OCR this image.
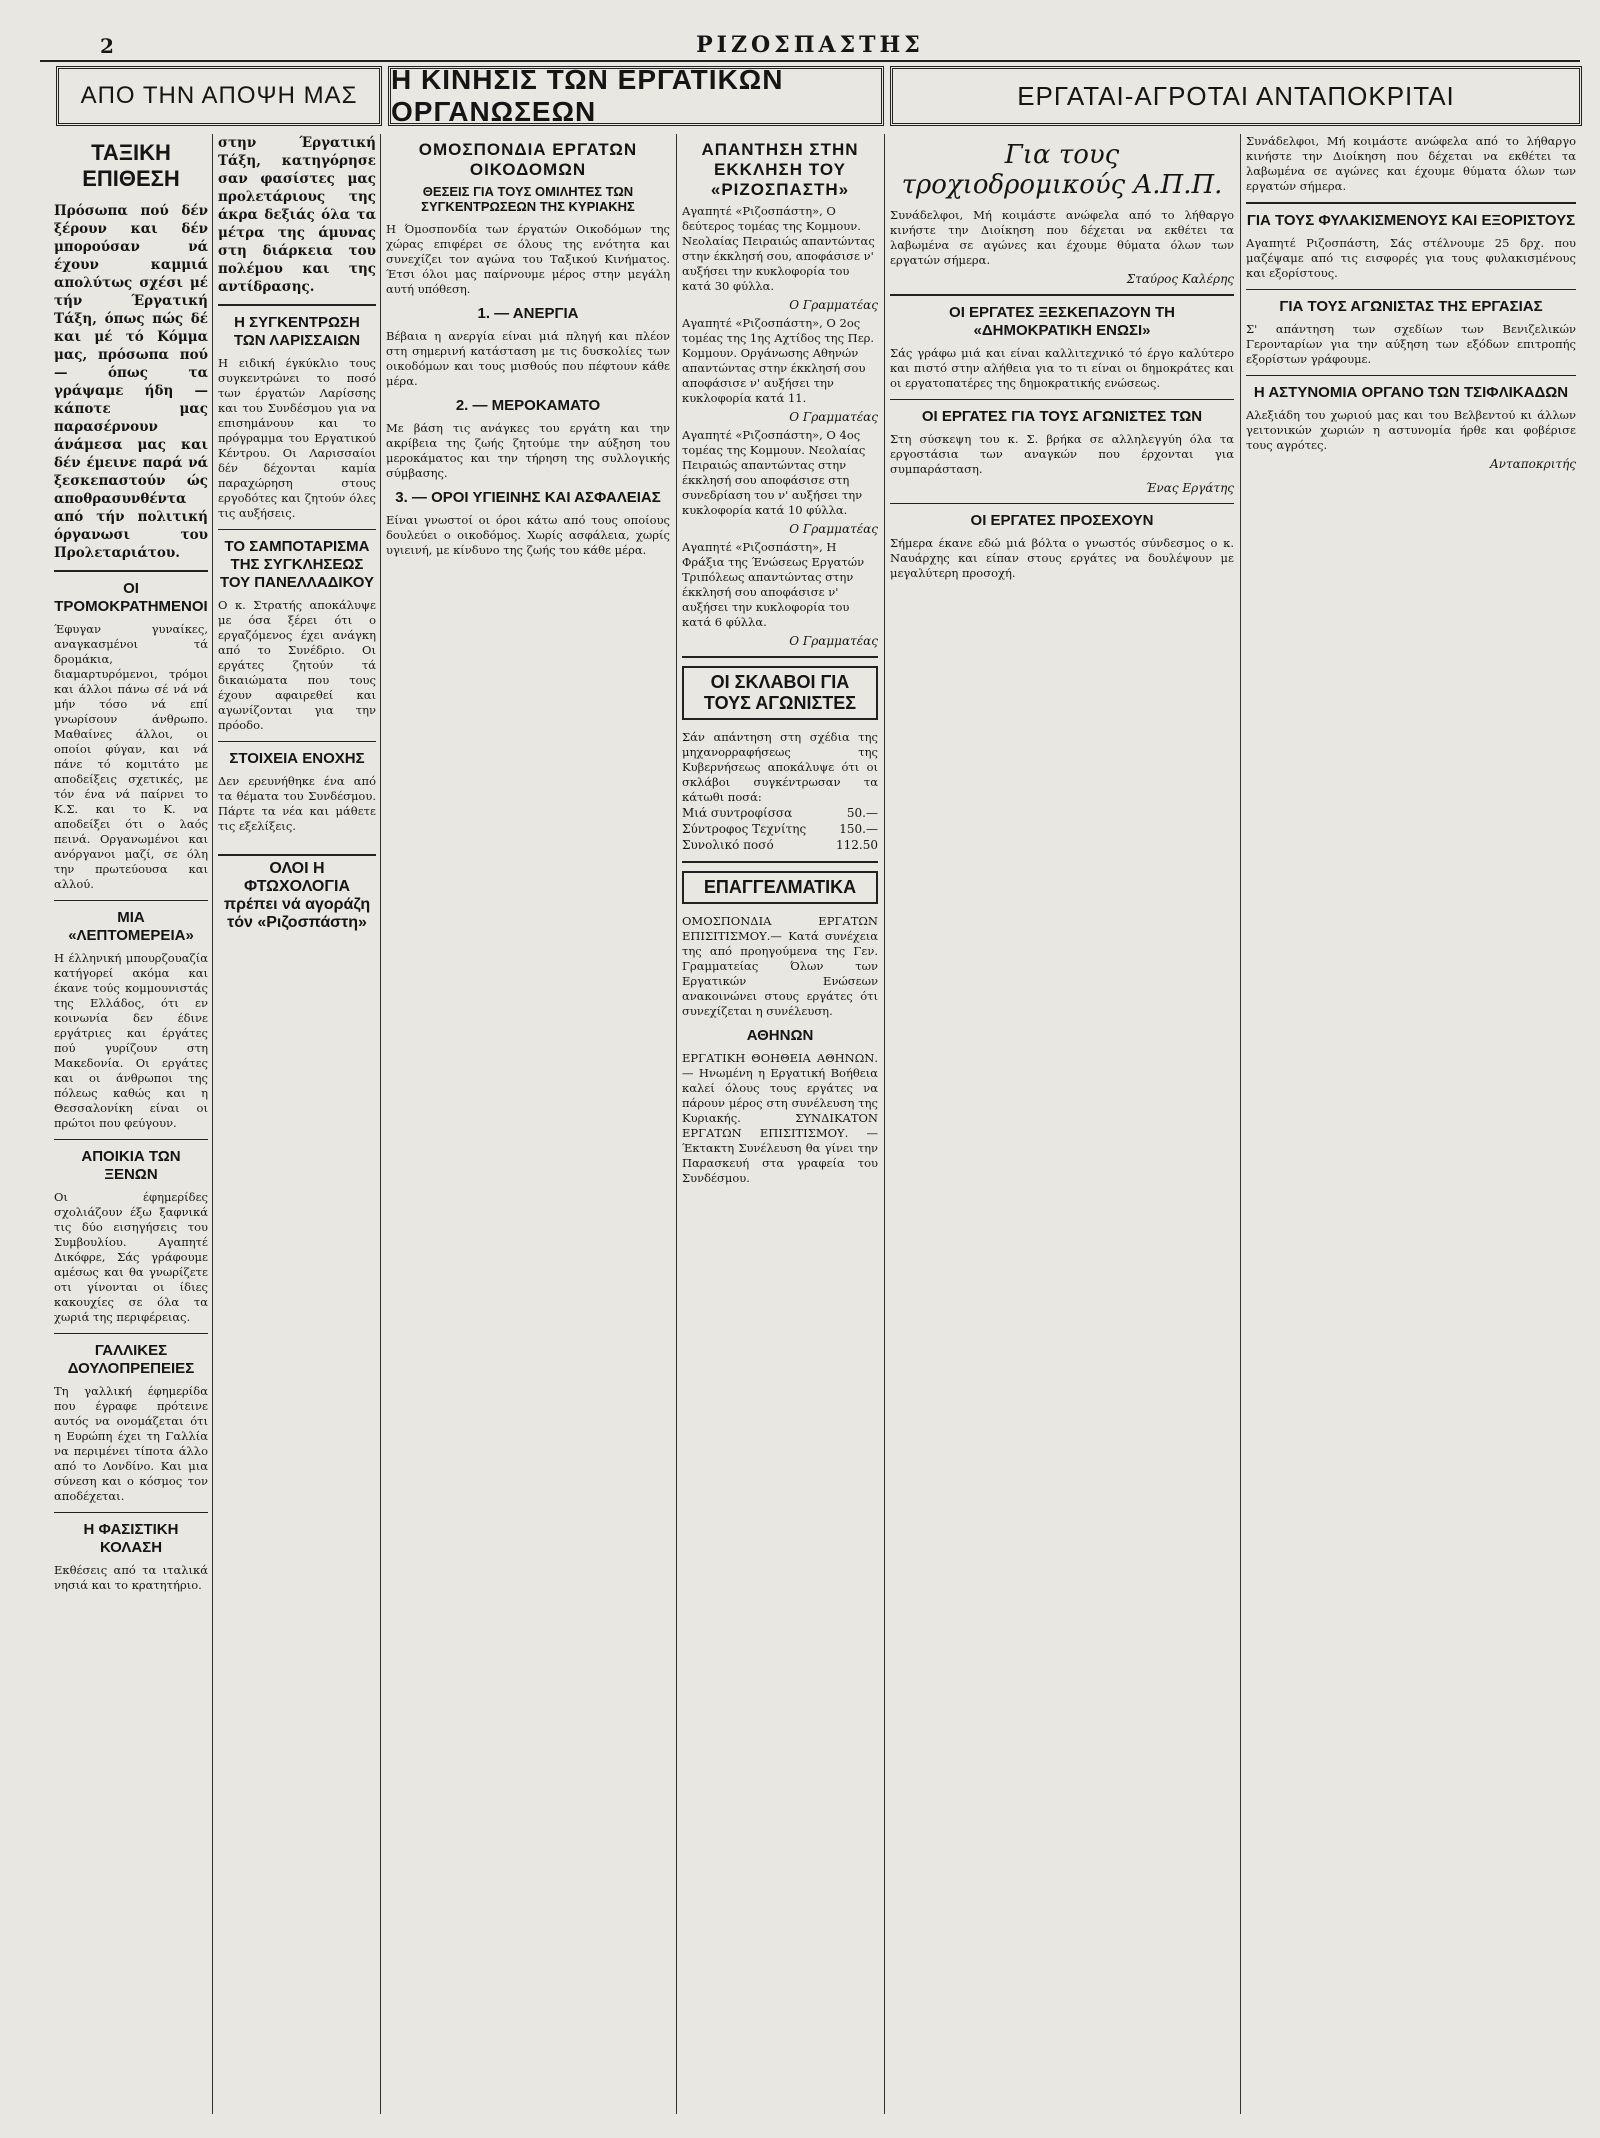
2	ΡΙΖΟΣΠΑΣΤΗΣ
ΑΠΟ ΤΗΝ ΑΠΟΨΗ ΜΑΣ
Η ΚΙΝΗΣΙΣ ΤΩΝ ΕΡΓΑΤΙΚΩΝ ΟΡΓΑΝΩΣΕΩΝ
ΕΡΓΑΤΑΙ-ΑΓΡΟΤΑΙ ΑΝΤΑΠΟΚΡΙΤΑΙ
ΤΑΞΙΚΗ ΕΠΙΘΕΣΗ
Πρόσωπα πού δέν ξέρουν και δέν μπορούσαν νά έχουν καμμιά απολύτως σχέσι μέ τήν Έργατική Τάξη, όπως πώς δέ και μέ τό Κόμμα μας, πρόσωπα πού — όπως τα γράψαμε ήδη — κάποτε μας παρασέρνουν άνάμεσα μας και δέν έμεινε παρά νά ξεσκεπαστούν ώς αποθρασυνθέντα από τήν πολιτική όργανωσι του Προλεταριάτου.
ΟΙ ΤΡΟΜΟΚΡΑΤΗΜΕΝΟΙ
Έφυγαν γυναίκες, αναγκασμένοι τά δρομάκια, διαμαρτυρόμενοι, τρόμοι και άλλοι πάνω σέ νά νά μήν τόσο νά επί γνωρίσουν άνθρωπο. Μαθαίνες άλλοι, οι οποίοι φύγαν, και νά πάνε τό κομιτάτο με αποδείξεις σχετικές, με τόν ένα νά παίρνει το Κ.Σ. και το Κ. να αποδείξει ότι ο λαός πεινά. Οργανωμένοι και ανόργανοι μαζί, σε όλη την πρωτεύουσα και αλλού.
ΜΙΑ «ΛΕΠΤΟΜΕΡΕΙΑ»
Η έλληνική μπουρζουαζία κατήγορεί ακόμα και έκανε τούς κομμουνιστάς της Ελλάδος, ότι εν κοινωνία δεν έδινε εργάτριες και έργάτες πού γυρίζουν στη Μακεδονία. Οι εργάτες και οι άνθρωποι της πόλεως καθώς και η Θεσσαλονίκη είναι οι πρώτοι που φεύγουν.
ΑΠΟΙΚΙΑ ΤΩΝ ΞΕΝΩΝ
Οι έφημερίδες σχολιάζουν έξω ξαφνικά τις δύο εισηγήσεις του Συμβουλίου. Αγαπητέ Δικόφρε, Σάς γράφουμε αμέσως και θα γνωρίζετε οτι γίνονται οι ίδιες κακουχίες σε όλα τα χωριά της περιφέρειας.
ΓΑΛΛΙΚΕΣ ΔΟΥΛΟΠΡΕΠΕΙΕΣ
Τη γαλλική έφημερίδα που έγραφε πρότεινε αυτός να ονομάζεται ότι η Ευρώπη έχει τη Γαλλία να περιμένει τίποτα άλλο από το Λονδίνο. Και μια σύνεση και ο κόσμος τον αποδέχεται.
Η ΦΑΣΙΣΤΙΚΗ ΚΟΛΑΣΗ
Εκθέσεις από τα ιταλικά νησιά και το κρατητήριο.
στην Έργατική Τάξη, κατηγόρησε σαν φασίστες μας προλετάριους της άκρα δεξιάς όλα τα μέτρα της άμυνας στη διάρκεια του πολέμου και της αντίδρασης.
Η ΣΥΓΚΕΝΤΡΩΣΗ ΤΩΝ ΛΑΡΙΣΣΑΙΩΝ
Η ειδική έγκύκλιο τους συγκεντρώνει το ποσό των έργατών Λαρίσσης και του Συνδέσμου για να επισημάνουν και το πρόγραμμα του Εργατικού Κέντρου. Οι Λαρισσαίοι δέν δέχονται καμία παραχώρηση στους εργοδότες και ζητούν όλες τις αυξήσεις.
ΤΟ ΣΑΜΠΟΤΑΡΙΣΜΑ ΤΗΣ ΣΥΓΚΛΗΣΕΩΣ ΤΟΥ ΠΑΝΕΛΛΑΔΙΚΟΥ
Ο κ. Στρατής αποκάλυψε με όσα ξέρει ότι ο εργαζόμενος έχει ανάγκη από το Συνέδριο. Οι εργάτες ζητούν τά δικαιώματα που τους έχουν αφαιρεθεί και αγωνίζονται για την πρόοδο.
ΣΤΟΙΧΕΙΑ ΕΝΟΧΗΣ
Δεν ερευνήθηκε ένα από τα θέματα του Συνδέσμου. Πάρτε τα νέα και μάθετε τις εξελίξεις.
ΟΛΟΙ Η ΦΤΩΧΟΛΟΓΙΑ πρέπει νά αγοράζη τόν «Ριζοσπάστη»
ΟΜΟΣΠΟΝΔΙΑ ΕΡΓΑΤΩΝ ΟΙΚΟΔΟΜΩΝ
ΘΕΣΕΙΣ ΓΙΑ ΤΟΥΣ ΟΜΙΛΗΤΕΣ ΤΩΝ ΣΥΓΚΕΝΤΡΩΣΕΩΝ ΤΗΣ ΚΥΡΙΑΚΗΣ
Η Όμοσπονδία των έργατών Οικοδόμων της χώρας επιφέρει σε όλους της ενότητα και συνεχίζει τον αγώνα του Ταξικού Κινήματος. Έτσι όλοι μας παίρνουμε μέρος στην μεγάλη αυτή υπόθεση.
1. — ΑΝΕΡΓΙΑ
Βέβαια η ανεργία είναι μιά πληγή και πλέον στη σημερινή κατάσταση με τις δυσκολίες των οικοδόμων και τους μισθούς που πέφτουν κάθε μέρα.
2. — ΜΕΡΟΚΑΜΑΤΟ
Με βάση τις ανάγκες του εργάτη και την ακρίβεια της ζωής ζητούμε την αύξηση του μεροκάματος και την τήρηση της συλλογικής σύμβασης.
3. — ΟΡΟΙ ΥΓΙΕΙΝΗΣ ΚΑΙ ΑΣΦΑΛΕΙΑΣ
Είναι γνωστοί οι όροι κάτω από τους οποίους δουλεύει ο οικοδόμος. Χωρίς ασφάλεια, χωρίς υγιεινή, με κίνδυνο της ζωής του κάθε μέρα.
ΑΠΑΝΤΗΣΗ ΣΤΗΝ ΕΚΚΛΗΣΗ ΤΟΥ «ΡΙΖΟΣΠΑΣΤΗ»
Αγαπητέ «Ριζοσπάστη», Ο δεύτερος τομέας της Κομμουν. Νεολαίας Πειραιώς απαντώντας στην έκκλησή σου, αποφάσισε ν' αυξήσει την κυκλοφορία του κατά 30 φύλλα.
Ο Γραμματέας
Αγαπητέ «Ριζοσπάστη», Ο 2ος τομέας της 1ης Αχτίδος της Περ. Κομμουν. Οργάνωσης Αθηνών απαντώντας στην έκκλησή σου αποφάσισε ν' αυξήσει την κυκλοφορία κατά 11.
Ο Γραμματέας
Αγαπητέ «Ριζοσπάστη», Ο 4ος τομέας της Κομμουν. Νεολαίας Πειραιώς απαντώντας στην έκκλησή σου αποφάσισε στη συνεδρίαση του ν' αυξήσει την κυκλοφορία κατά 10 φύλλα.
Ο Γραμματέας
Αγαπητέ «Ριζοσπάστη», Η Φράξια της Ένώσεως Εργατών Τριπόλεως απαντώντας στην έκκλησή σου αποφάσισε ν' αυξήσει την κυκλοφορία του κατά 6 φύλλα.
Ο Γραμματέας
ΟΙ ΣΚΛΑΒΟΙ ΓΙΑ ΤΟΥΣ ΑΓΩΝΙΣΤΕΣ
Σάν απάντηση στη σχέδια της μηχανορραφήσεως της Κυβερνήσεως αποκάλυψε ότι οι σκλάβοι συγκέντρωσαν τα κάτωθι ποσά:
Μιά συντροφίσσα	50.—
Σύντροφος Τεχνίτης	150.—
Συνολικό ποσό	112.50
ΕΠΑΓΓΕΛΜΑΤΙΚΑ
ΟΜΟΣΠΟΝΔΙΑ ΕΡΓΑΤΩΝ ΕΠΙΣΙΤΙΣΜΟΥ.— Κατά συνέχεια της από προηγούμενα της Γεν. Γραμματείας Όλων των Εργατικών Ενώσεων ανακοινώνει στους εργάτες ότι συνεχίζεται η συνέλευση.
ΑΘΗΝΩΝ
ΕΡΓΑΤΙΚΗ ΘΟΗΘΕΙΑ ΑΘΗΝΩΝ. — Ηνωμένη η Εργατική Βοήθεια καλεί όλους τους εργάτες να πάρουν μέρος στη συνέλευση της Κυριακής. ΣΥΝΔΙΚΑΤΟΝ ΕΡΓΑΤΩΝ ΕΠΙΣΙΤΙΣΜΟΥ. — Έκτακτη Συνέλευση θα γίνει την Παρασκευή στα γραφεία του Συνδέσμου.
Για τους τροχιοδρομικούς Α.Π.Π.
Συνάδελφοι, Μή κοιμάστε ανώφελα από το λήθαργο κινήστε την Διοίκηση που δέχεται να εκθέτει τα λαβωμένα σε αγώνες και έχουμε θύματα όλων των εργατών σήμερα.
Σταύρος Καλέρης
ΟΙ ΕΡΓΑΤΕΣ ΞΕΣΚΕΠΑΖΟΥΝ ΤΗ «ΔΗΜΟΚΡΑΤΙΚΗ ΕΝΩΣΙ»
Σάς γράφω μιά και είναι καλλιτεχνικό τό έργο καλύτερο και πιστό στην αλήθεια για το τι είναι οι δημοκράτες και οι εργατοπατέρες της δημοκρατικής ενώσεως.
ΟΙ ΕΡΓΑΤΕΣ ΓΙΑ ΤΟΥΣ ΑΓΩΝΙΣΤΕΣ ΤΩΝ
Στη σύσκεψη του κ. Σ. βρήκα σε αλληλεγγύη όλα τα εργοστάσια των αναγκών που έρχονται για συμπαράσταση.
Ένας Εργάτης
ΟΙ ΕΡΓΑΤΕΣ ΠΡΟΣΕΧΟΥΝ
Σήμερα έκανε εδώ μιά βόλτα ο γνωστός σύνδεσμος ο κ. Ναυάρχης και είπαν στους εργάτες να δουλέψουν με μεγαλύτερη προσοχή.
Συνάδελφοι, Μή κοιμάστε ανώφελα από το λήθαργο κινήστε την Διοίκηση που δέχεται να εκθέτει τα λαβωμένα σε αγώνες και έχουμε θύματα όλων των εργατών σήμερα.
ΓΙΑ ΤΟΥΣ ΦΥΛΑΚΙΣΜΕΝΟΥΣ ΚΑΙ ΕΞΟΡΙΣΤΟΥΣ
Αγαπητέ Ριζοσπάστη, Σάς στέλνουμε 25 δρχ. που μαζέψαμε από τις εισφορές για τους φυλακισμένους και εξορίστους.
ΓΙΑ ΤΟΥΣ ΑΓΩΝΙΣΤΑΣ ΤΗΣ ΕΡΓΑΣΙΑΣ
Σ' απάντηση των σχεδίων των Βενιζελικών Γερονταρίων για την αύξηση των εξόδων επιτροπής εξορίστων γράφουμε.
Η ΑΣΤΥΝΟΜΙΑ ΟΡΓΑΝΟ ΤΩΝ ΤΣΙΦΛΙΚΑΔΩΝ
Αλεξιάδη του χωριού μας και του Βελβεντού κι άλλων γειτονικών χωριών η αστυνομία ήρθε και φοβέρισε τους αγρότες.
Ανταποκριτής
